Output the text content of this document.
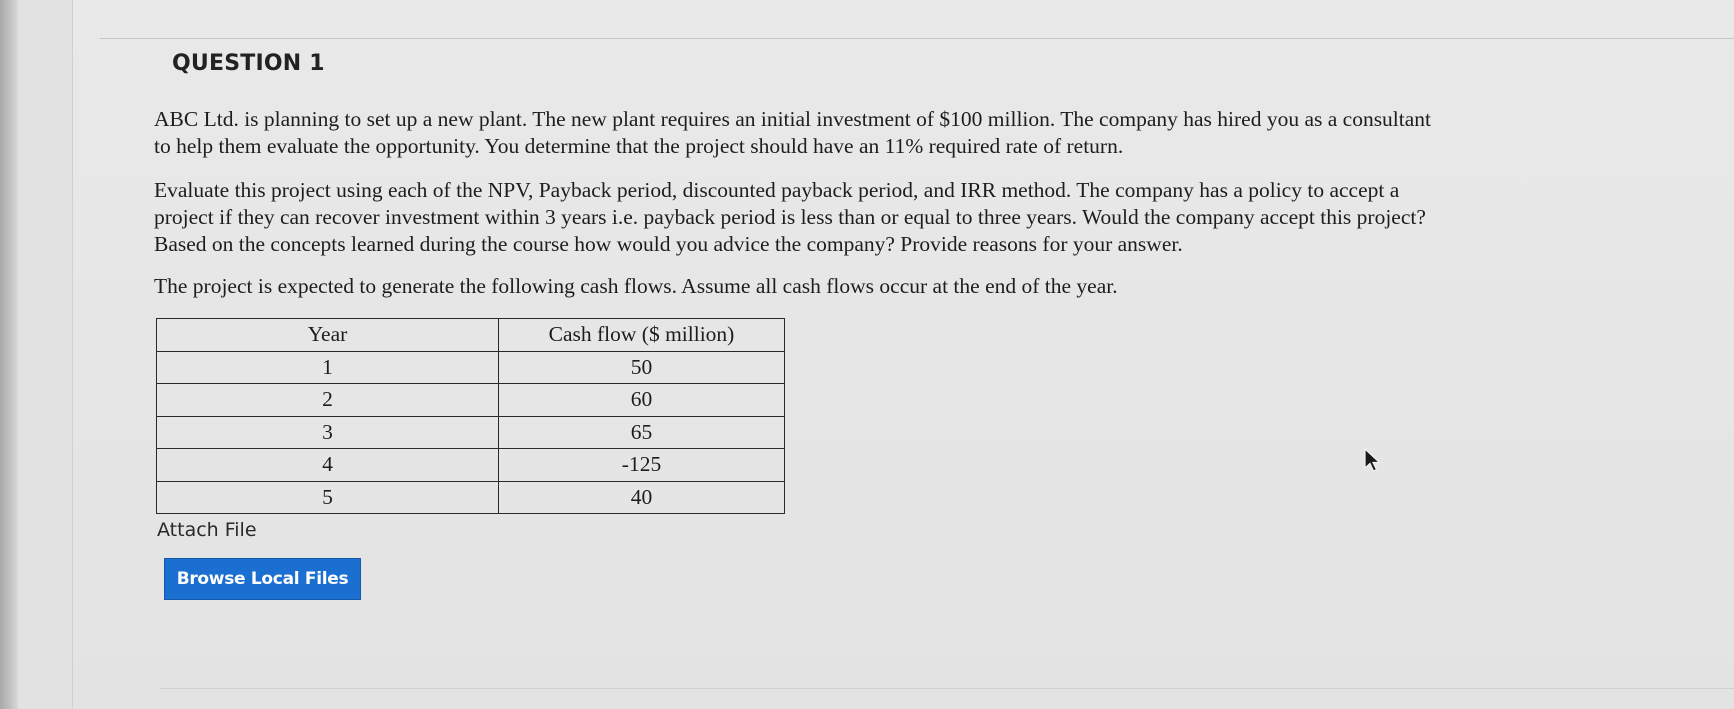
QUESTION 1

ABC Ltd. is planning to set up a new plant. The new plant requires an initial investment of $100 million. The company has hired you as a consultant
to help them evaluate the opportunity. You determine that the project should have an 11% required rate of return.

Evaluate this project using each of the NPV, Payback period, discounted payback period, and IRR method. The company has a policy to accept a
project if they can recover investment within 3 years i.e. payback period is less than or equal to three years. Would the company accept this project?
Based on the concepts learned during the course how would you advice the company? Provide reasons for your answer.

The project is expected to generate the following cash flows. Assume all cash flows occur at the end of the year.

Year	Cash flow ($ million)
1	50
2	60
3	65
4	-125
5	40
Attach File
Browse Local Files
